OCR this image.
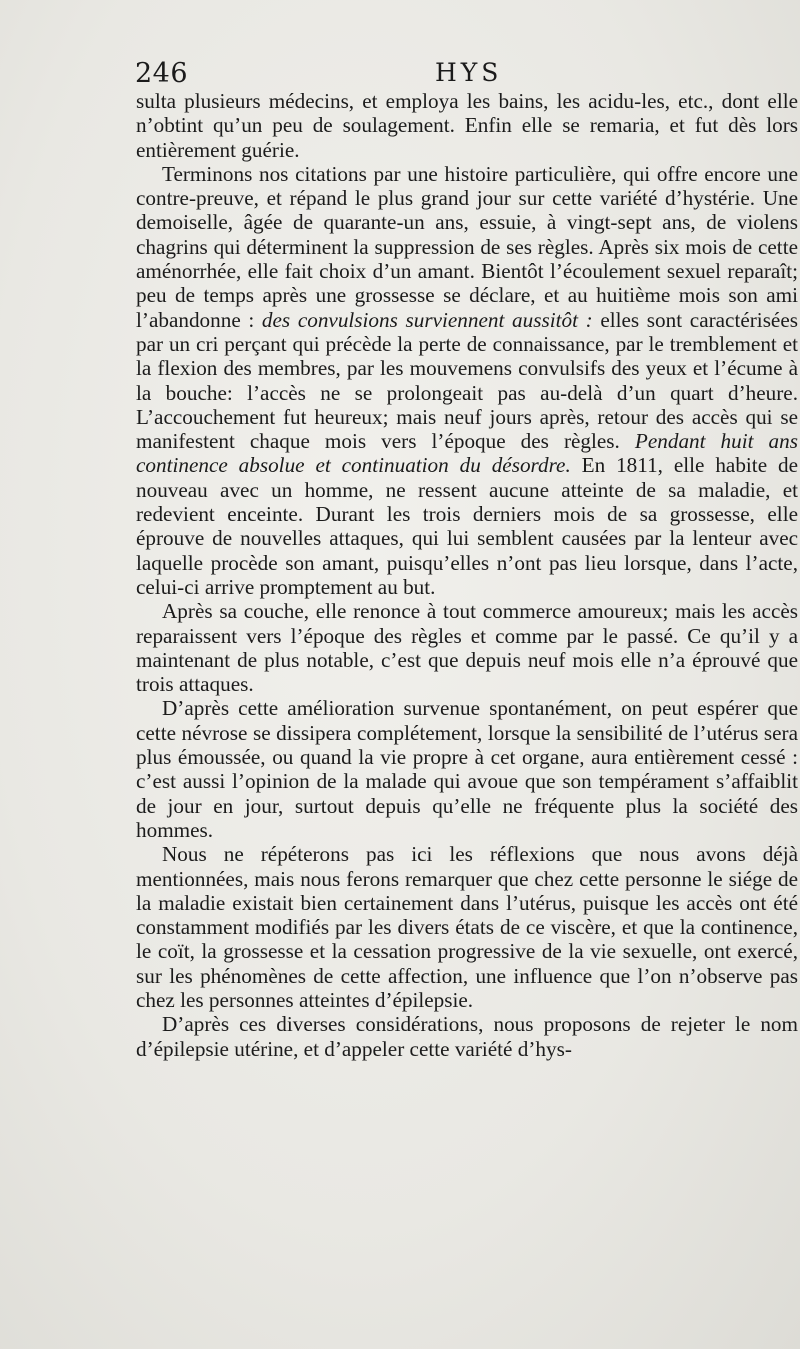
246	HYS

sulta plusieurs médecins, et employa les bains, les acidu-les, etc., dont elle n’obtint qu’un peu de soulagement. Enfin elle se remaria, et fut dès lors entièrement guérie.

Terminons nos citations par une histoire particulière, qui offre encore une contre-preuve, et répand le plus grand jour sur cette variété d’hystérie. Une demoiselle, âgée de quarante-un ans, essuie, à vingt-sept ans, de violens chagrins qui déterminent la suppression de ses règles. Après six mois de cette aménorrhée, elle fait choix d’un amant. Bientôt l’écoulement sexuel reparaît; peu de temps après une grossesse se déclare, et au huitième mois son ami l’abandonne : des convulsions surviennent aussitôt : elles sont caractérisées par un cri perçant qui précède la perte de connaissance, par le tremblement et la flexion des membres, par les mouvemens convulsifs des yeux et l’écume à la bouche: l’accès ne se prolongeait pas au-delà d’un quart d’heure. L’accouchement fut heureux; mais neuf jours après, retour des accès qui se manifestent chaque mois vers l’époque des règles. Pendant huit ans continence absolue et continuation du désordre. En 1811, elle habite de nouveau avec un homme, ne ressent aucune atteinte de sa maladie, et redevient enceinte. Durant les trois derniers mois de sa grossesse, elle éprouve de nouvelles attaques, qui lui semblent causées par la lenteur avec laquelle procède son amant, puisqu’elles n’ont pas lieu lorsque, dans l’acte, celui-ci arrive promptement au but.

Après sa couche, elle renonce à tout commerce amoureux; mais les accès reparaissent vers l’époque des règles et comme par le passé. Ce qu’il y a maintenant de plus notable, c’est que depuis neuf mois elle n’a éprouvé que trois attaques.

D’après cette amélioration survenue spontanément, on peut espérer que cette névrose se dissipera complétement, lorsque la sensibilité de l’utérus sera plus émoussée, ou quand la vie propre à cet organe, aura entièrement cessé : c’est aussi l’opinion de la malade qui avoue que son tempérament s’affaiblit de jour en jour, surtout depuis qu’elle ne fréquente plus la société des hommes.

Nous ne répéterons pas ici les réflexions que nous avons déjà mentionnées, mais nous ferons remarquer que chez cette personne le siége de la maladie existait bien certainement dans l’utérus, puisque les accès ont été constamment modifiés par les divers états de ce viscère, et que la continence, le coït, la grossesse et la cessation progressive de la vie sexuelle, ont exercé, sur les phénomènes de cette affection, une influence que l’on n’observe pas chez les personnes atteintes d’épilepsie.

D’après ces diverses considérations, nous proposons de rejeter le nom d’épilepsie utérine, et d’appeler cette variété d’hys-
